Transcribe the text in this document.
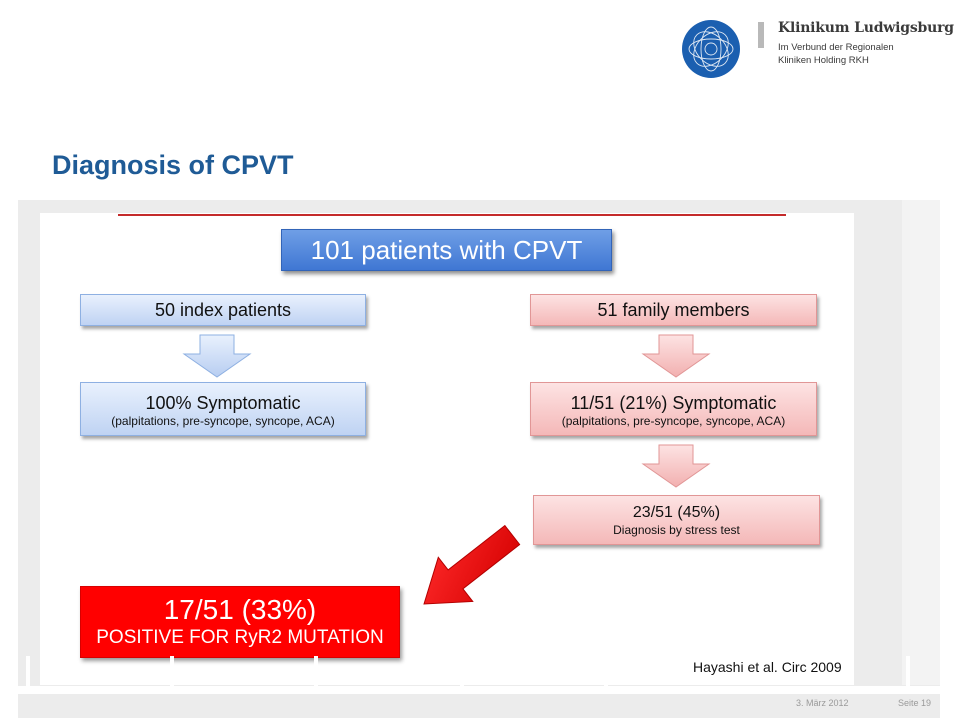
Klinikum Ludwigsburg
Im Verbund der Regionalen
Kliniken Holding RKH
Diagnosis of CPVT
101 patients with CPVT
50 index patients	51 family members
100% Symptomatic
(palpitations, pre-syncope, syncope, ACA)
11/51 (21%) Symptomatic
(palpitations, pre-syncope, syncope, ACA)
23/51 (45%)
Diagnosis by stress test
17/51 (33%)
POSITIVE FOR RyR2 MUTATION
Hayashi et al. Circ 2009
3. März 2012	Seite 19
